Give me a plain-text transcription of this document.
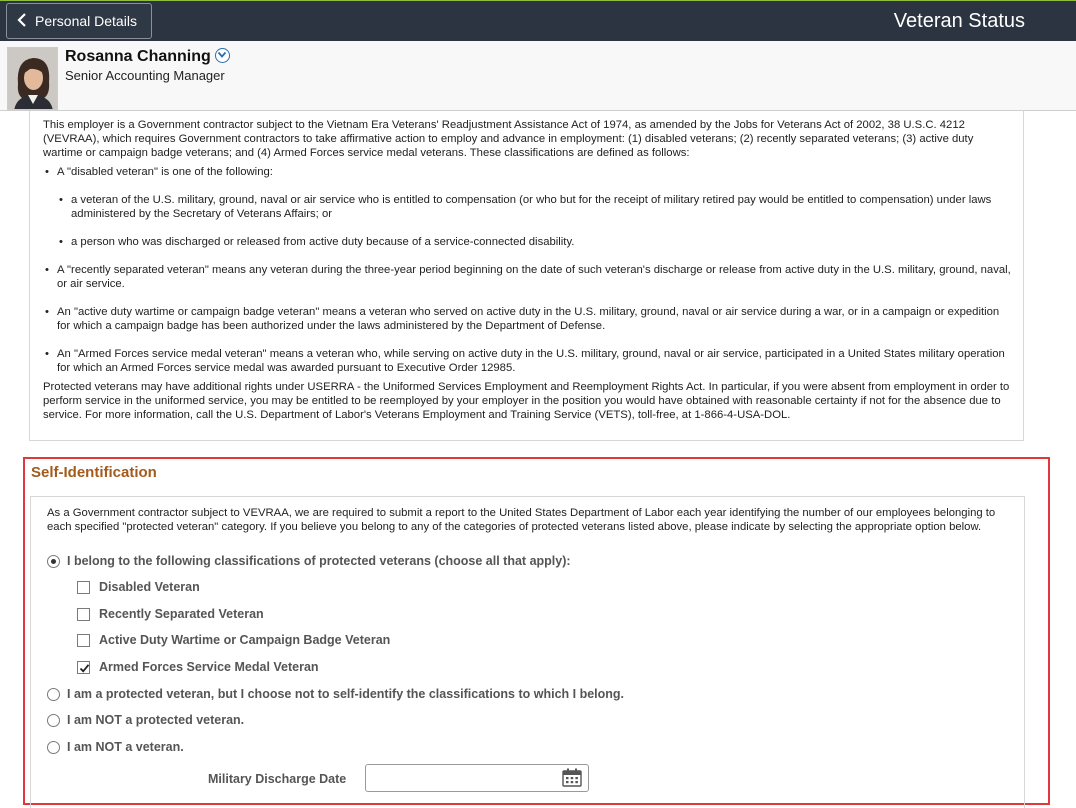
Personal Details	Veteran Status
Rosanna Channing
Senior Accounting Manager

This employer is a Government contractor subject to the Vietnam Era Veterans' Readjustment Assistance Act of 1974, as amended by the Jobs for Veterans Act of 2002, 38 U.S.C. 4212 (VEVRAA), which requires Government contractors to take affirmative action to employ and advance in employment: (1) disabled veterans; (2) recently separated veterans; (3) active duty wartime or campaign badge veterans; and (4) Armed Forces service medal veterans. These classifications are defined as follows:

• A "disabled veteran" is one of the following:

• a veteran of the U.S. military, ground, naval or air service who is entitled to compensation (or who but for the receipt of military retired pay would be entitled to compensation) under laws administered by the Secretary of Veterans Affairs; or

• a person who was discharged or released from active duty because of a service-connected disability.

• A "recently separated veteran" means any veteran during the three-year period beginning on the date of such veteran's discharge or release from active duty in the U.S. military, ground, naval, or air service.

• An "active duty wartime or campaign badge veteran" means a veteran who served on active duty in the U.S. military, ground, naval or air service during a war, or in a campaign or expedition for which a campaign badge has been authorized under the laws administered by the Department of Defense.

• An "Armed Forces service medal veteran" means a veteran who, while serving on active duty in the U.S. military, ground, naval or air service, participated in a United States military operation for which an Armed Forces service medal was awarded pursuant to Executive Order 12985.

Protected veterans may have additional rights under USERRA - the Uniformed Services Employment and Reemployment Rights Act. In particular, if you were absent from employment in order to perform service in the uniformed service, you may be entitled to be reemployed by your employer in the position you would have obtained with reasonable certainty if not for the absence due to service. For more information, call the U.S. Department of Labor's Veterans Employment and Training Service (VETS), toll-free, at 1-866-4-USA-DOL.

Self-Identification
As a Government contractor subject to VEVRAA, we are required to submit a report to the United States Department of Labor each year identifying the number of our employees belonging to each specified "protected veteran" category. If you believe you belong to any of the categories of protected veterans listed above, please indicate by selecting the appropriate option below.
I belong to the following classifications of protected veterans (choose all that apply):
Disabled Veteran
Recently Separated Veteran
Active Duty Wartime or Campaign Badge Veteran
Armed Forces Service Medal Veteran
I am a protected veteran, but I choose not to self-identify the classifications to which I belong.
I am NOT a protected veteran.
I am NOT a veteran.
Military Discharge Date
